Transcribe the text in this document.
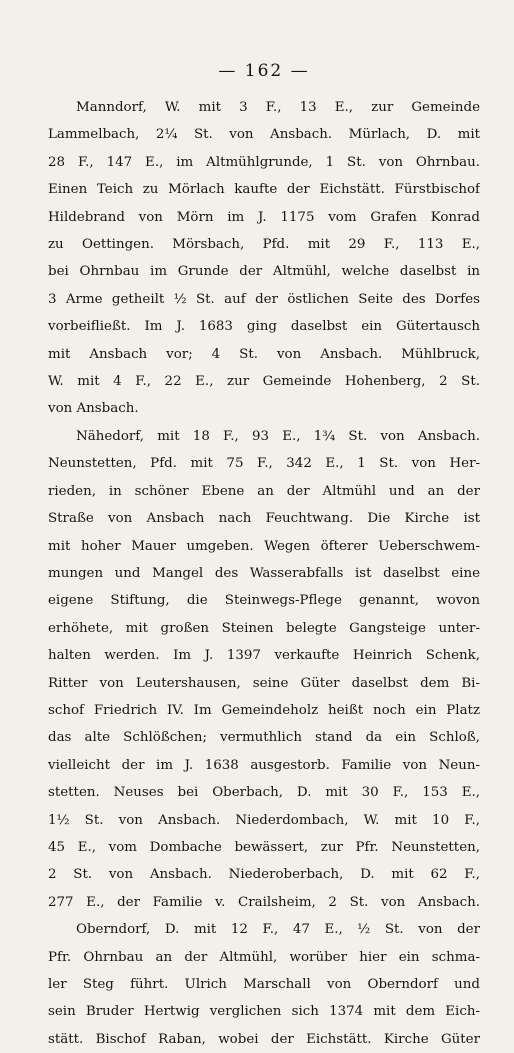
— 162 —
Manndorf, W. mit 3 F., 13 E., zur Gemeinde
Lammelbach, 2¼ St. von Ansbach. Mürlach, D. mit
28 F., 147 E., im Altmühlgrunde, 1 St. von Ohrnbau.
Einen Teich zu Mörlach kaufte der Eichstätt. Fürstbischof
Hildebrand von Mörn im J. 1175 vom Grafen Konrad
zu Oettingen. Mörsbach, Pfd. mit 29 F., 113 E.,
bei Ohrnbau im Grunde der Altmühl, welche daselbst in
3 Arme getheilt ½ St. auf der östlichen Seite des Dorfes
vorbeifließt. Im J. 1683 ging daselbst ein Gütertausch
mit Ansbach vor; 4 St. von Ansbach. Mühlbruck,
W. mit 4 F., 22 E., zur Gemeinde Hohenberg, 2 St.
von Ansbach.
Nähedorf, mit 18 F., 93 E., 1¾ St. von Ansbach.
Neunstetten, Pfd. mit 75 F., 342 E., 1 St. von Her-
rieden, in schöner Ebene an der Altmühl und an der
Straße von Ansbach nach Feuchtwang. Die Kirche ist
mit hoher Mauer umgeben. Wegen öfterer Ueberschwem-
mungen und Mangel des Wasserabfalls ist daselbst eine
eigene Stiftung, die Steinwegs-Pflege genannt, wovon
erhöhete, mit großen Steinen belegte Gangsteige unter-
halten werden. Im J. 1397 verkaufte Heinrich Schenk,
Ritter von Leutershausen, seine Güter daselbst dem Bi-
schof Friedrich IV. Im Gemeindeholz heißt noch ein Platz
das alte Schlößchen; vermuthlich stand da ein Schloß,
vielleicht der im J. 1638 ausgestorb. Familie von Neun-
stetten. Neuses bei Oberbach, D. mit 30 F., 153 E.,
1½ St. von Ansbach. Niederdombach, W. mit 10 F.,
45 E., vom Dombache bewässert, zur Pfr. Neunstetten,
2 St. von Ansbach. Niederoberbach, D. mit 62 F.,
277 E., der Familie v. Crailsheim, 2 St. von Ansbach.
Oberndorf, D. mit 12 F., 47 E., ½ St. von der
Pfr. Ohrnbau an der Altmühl, worüber hier ein schma-
ler Steg führt. Ulrich Marschall von Oberndorf und
sein Bruder Hertwig verglichen sich 1374 mit dem Eich-
stätt. Bischof Raban, wobei der Eichstätt. Kirche Güter
